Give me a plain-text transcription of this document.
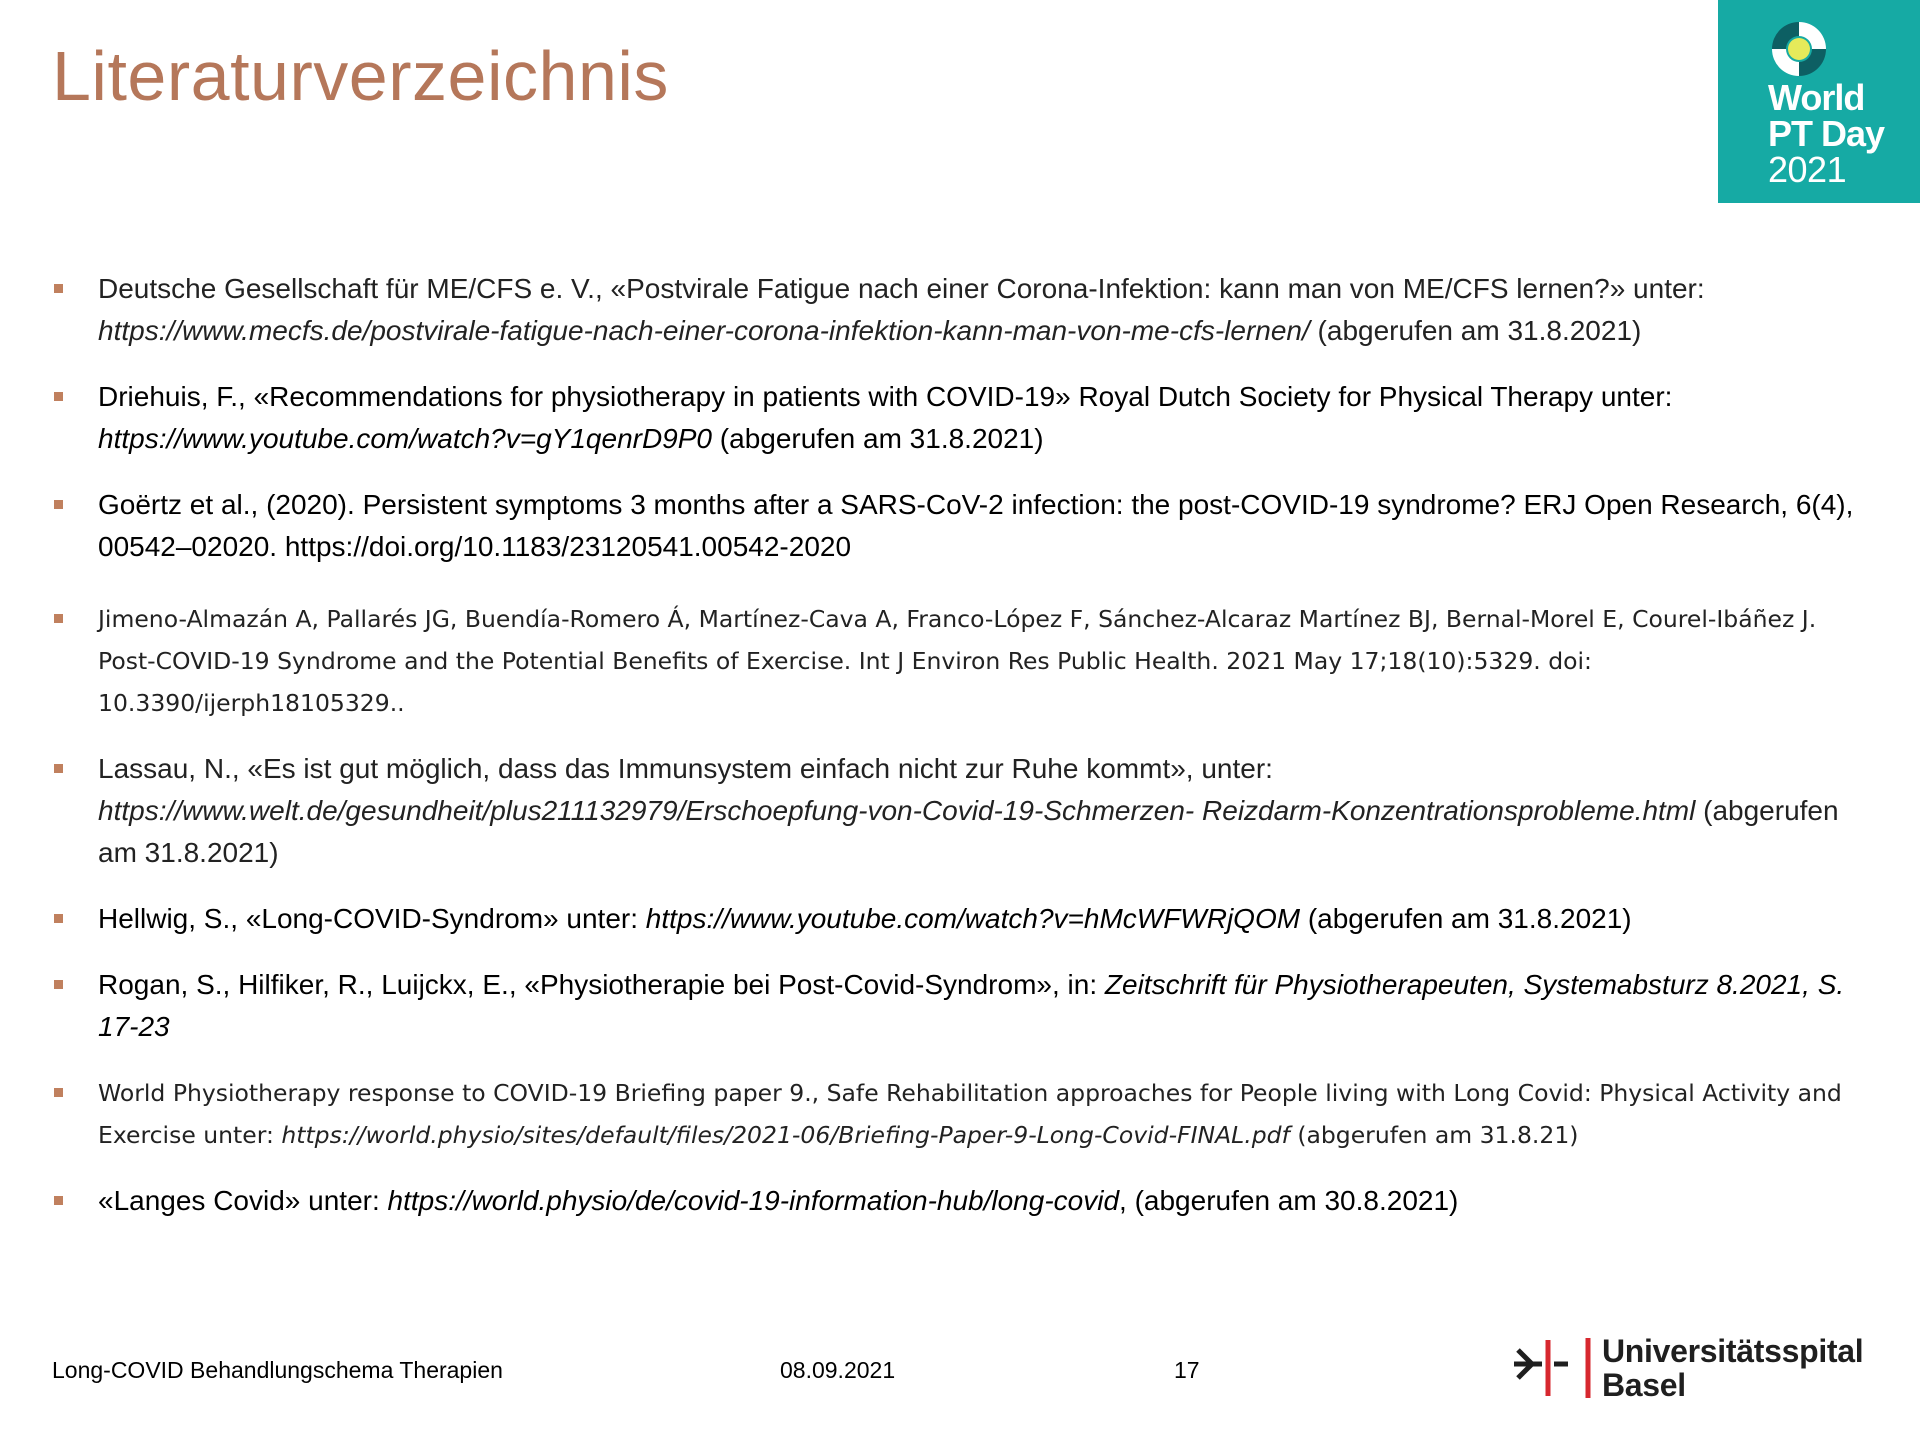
Literaturverzeichnis	World
PT Day
2021
Deutsche Gesellschaft für ME/CFS e. V., «Postvirale Fatigue nach einer Corona-Infektion: kann man von ME/CFS lernen?» unter: https://www.mecfs.de/postvirale-fatigue-nach-einer-corona-infektion-kann-man-von-me-cfs-lernen/ (abgerufen am 31.8.2021)
Driehuis, F., «Recommendations for physiotherapy in patients with COVID-19» Royal Dutch Society for Physical Therapy unter: https://www.youtube.com/watch?v=gY1qenrD9P0 (abgerufen am 31.8.2021)
Goërtz et al., (2020). Persistent symptoms 3 months after a SARS-CoV-2 infection: the post-COVID-19 syndrome? ERJ Open Research, 6(4), 00542–02020. https://doi.org/10.1183/23120541.00542-2020
Jimeno-Almazán A, Pallarés JG, Buendía-Romero Á, Martínez-Cava A, Franco-López F, Sánchez-Alcaraz Martínez BJ, Bernal-Morel E, Courel-Ibáñez J. Post-COVID-19 Syndrome and the Potential Benefits of Exercise. Int J Environ Res Public Health. 2021 May 17;18(10):5329. doi: 10.3390/ijerph18105329..
Lassau, N., «Es ist gut möglich, dass das Immunsystem einfach nicht zur Ruhe kommt», unter: https://www.welt.de/gesundheit/plus211132979/Erschoepfung-von-Covid-19-Schmerzen- Reizdarm-Konzentrationsprobleme.html (abgerufen am 31.8.2021)
Hellwig, S., «Long-COVID-Syndrom» unter: https://www.youtube.com/watch?v=hMcWFWRjQOM (abgerufen am 31.8.2021)
Rogan, S., Hilfiker, R., Luijckx, E., «Physiotherapie bei Post-Covid-Syndrom», in: Zeitschrift für Physiotherapeuten, Systemabsturz 8.2021, S. 17-23
World Physiotherapy response to COVID-19 Briefing paper 9., Safe Rehabilitation approaches for People living with Long Covid: Physical Activity and Exercise unter: https://world.physio/sites/default/files/2021-06/Briefing-Paper-9-Long-Covid-FINAL.pdf (abgerufen am 31.8.21)
«Langes Covid» unter: https://world.physio/de/covid-19-information-hub/long-covid, (abgerufen am 30.8.2021)
Long-COVID Behandlungschema Therapien	08.09.2021	17
Universitätsspital
Basel
